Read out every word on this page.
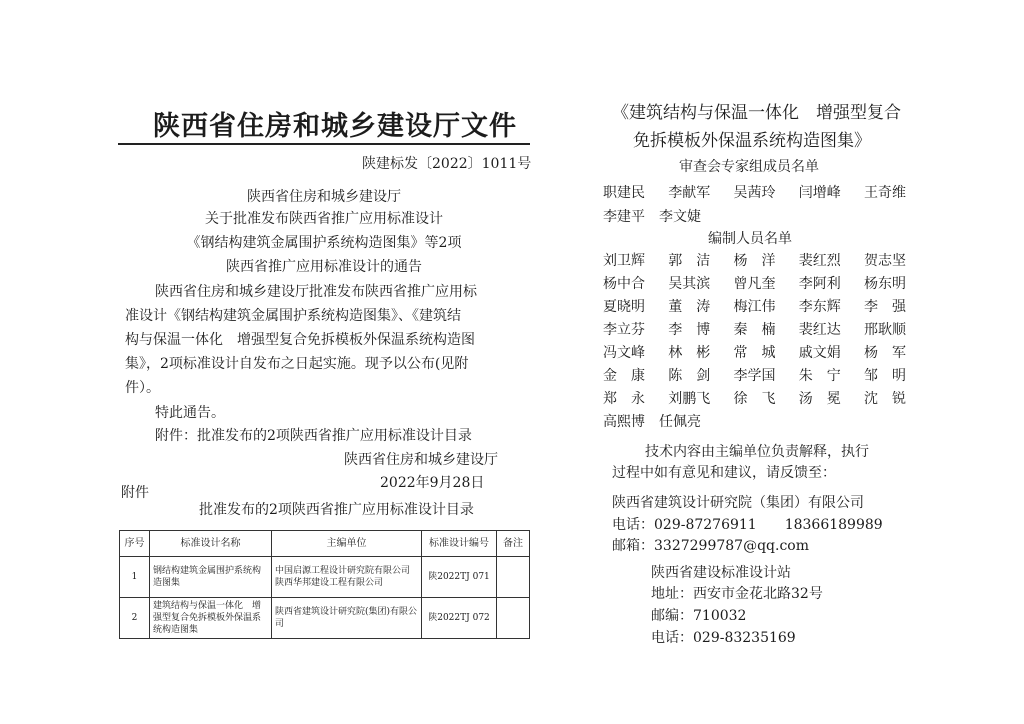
陕西省住房和城乡建设厅文件
陕建标发〔2022〕1011号
陕西省住房和城乡建设厅
关于批准发布陕西省推广应用标准设计
《钢结构建筑金属围护系统构造图集》等2项
陕西省推广应用标准设计的通告
陕西省住房和城乡建设厅批准发布陕西省推广应用标
准设计《钢结构建筑金属围护系统构造图集》、《建筑结
构与保温一体化　增强型复合免拆模板外保温系统构造图
集》，2项标准设计自发布之日起实施。现予以公布(见附
件）。
特此通告。
附件：批准发布的2项陕西省推广应用标准设计目录
陕西省住房和城乡建设厅
2022年9月28日
附件
批准发布的2项陕西省推广应用标准设计目录
序号	标准设计名称	主编单位	标准设计编号	备注
1	钢结构建筑金属围护系统构造图集	中国启源工程设计研究院有限公司陕西华邦建设工程有限公司	陕2022TJ 071	
2	建筑结构与保温一体化　增强型复合免拆模板外保温系统构造图集	陕西省建筑设计研究院(集团)有限公司	陕2022TJ 072	
《建筑结构与保温一体化　增强型复合
免拆模板外保温系统构造图集》
审查会专家组成员名单
职建民 李献军 吴茜玲 闫增峰 王奇维
李建平 李文婕
编制人员名单
刘卫辉 郭　洁 杨　洋 裴红烈 贺志坚
杨中合 吴其滨 曾凡奎 李阿利 杨东明
夏晓明 董　涛 梅江伟 李东辉 李　强
李立芬 李　博 秦　楠 裴红达 邢耿顺
冯文峰 林　彬 常　城 戚文娟 杨　军
金　康 陈　剑 李学国 朱　宁 邹　明
郑　永 刘鹏飞 徐　飞 汤　冕 沈　锐
高熙博 任佩亮
技术内容由主编单位负责解释，执行
过程中如有意见和建议，请反馈至：
陕西省建筑设计研究院（集团）有限公司
电话：029-87276911　　18366189989
邮箱：3327299787@qq.com
陕西省建设标准设计站
地址：西安市金花北路32号
邮编：710032
电话：029-83235169
